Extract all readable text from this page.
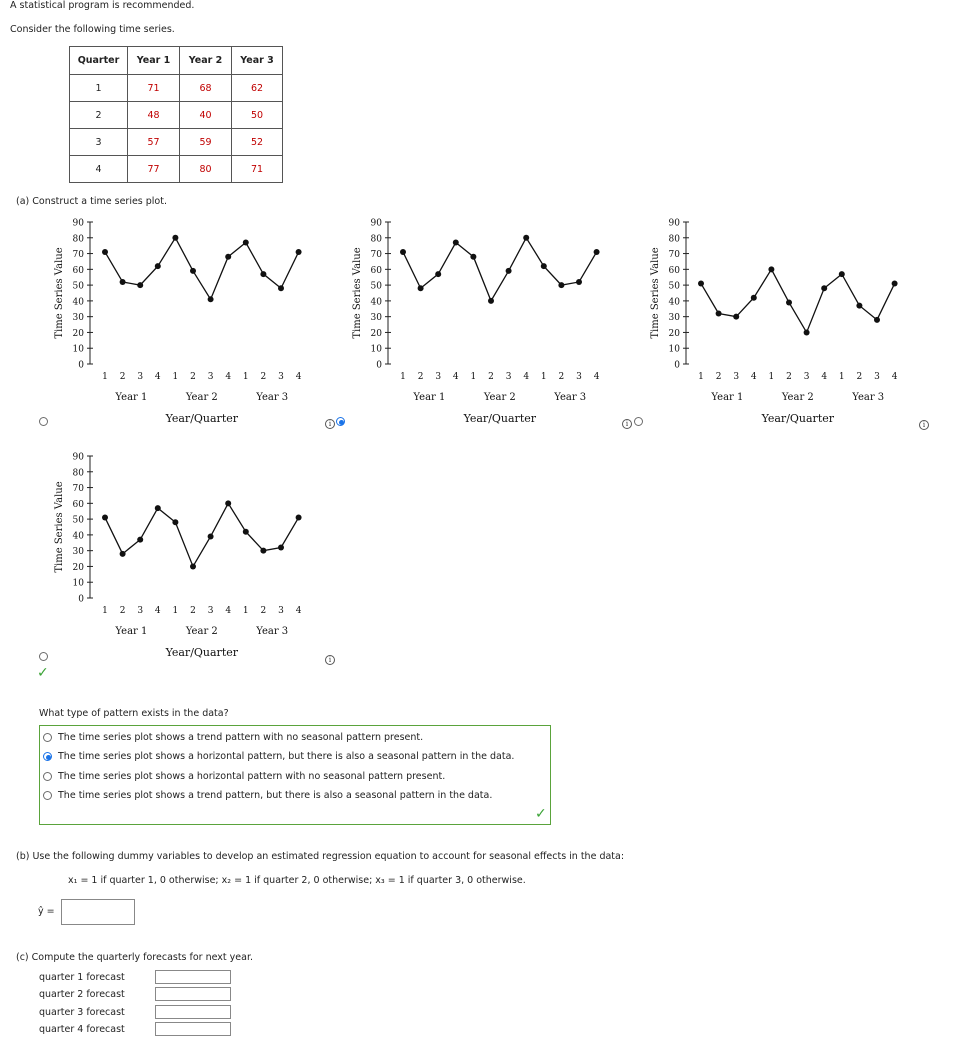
A statistical program is recommended.
Consider the following time series.
Quarter	Year 1	Year 2	Year 3
1	71	68	62
2	48	40	50
3	57	59	52
4	77	80	71
(a) Construct a time series plot.
0
10
20
30
40
50
60
70
80
90
Time Series Value
1 2 3 4 1 2 3 4 1 2 3 4
Year 1	Year 2	Year 3
Year/Quarter
0
10
20
30
40
50
60
70
80
90
Time Series Value
1 2 3 4 1 2 3 4 1 2 3 4
Year 1	Year 2	Year 3
Year/Quarter
0
10
20
30
40
50
60
70
80
90
Time Series Value
1 2 3 4 1 2 3 4 1 2 3 4
Year 1	Year 2	Year 3
Year/Quarter
0
10
20
30
40
50
60
70
80
90
Time Series Value
1 2 3 4 1 2 3 4 1 2 3 4
Year 1	Year 2	Year 3
Year/Quarter
i	i	i
i
✓
What type of pattern exists in the data?
The time series plot shows a trend pattern with no seasonal pattern present.
The time series plot shows a horizontal pattern, but there is also a seasonal pattern in the data.
The time series plot shows a horizontal pattern with no seasonal pattern present.
The time series plot shows a trend pattern, but there is also a seasonal pattern in the data.
✓
(b) Use the following dummy variables to develop an estimated regression equation to account for seasonal effects in the data:
x₁ = 1 if quarter 1, 0 otherwise; x₂ = 1 if quarter 2, 0 otherwise; x₃ = 1 if quarter 3, 0 otherwise.
ŷ =
(c) Compute the quarterly forecasts for next year.
quarter 1 forecast
quarter 2 forecast
quarter 3 forecast
quarter 4 forecast
